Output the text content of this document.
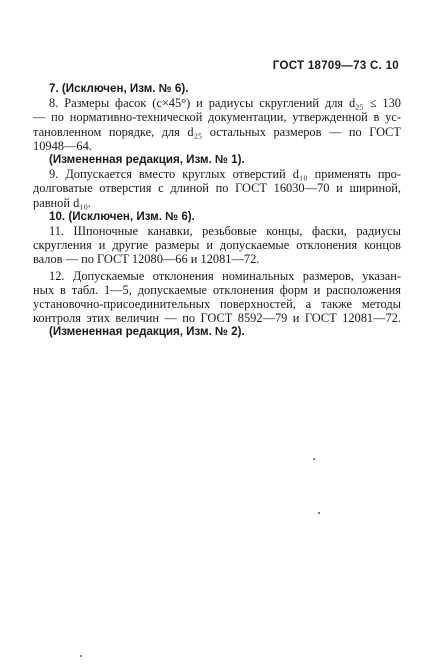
ГОСТ 18709—73 С. 10
7. (Исключен, Изм. № 6).
8. Размеры фасок (c×45°) и радиусы скруглений для d₂₅ ≤ 130
— по нормативно-технической документации, утвержденной в ус-
тановленном порядке, для d₂₅ остальных размеров — по ГОСТ
10948—64.
(Измененная редакция, Изм. № 1).
9. Допускается вместо круглых отверстий d₁₀ применять про-
долговатые отверстия с длиной по ГОСТ 16030—70 и шириной,
равной d₁₀.
10. (Исключен, Изм. № 6).
11. Шпоночные канавки, резьбовые концы, фаски, радиусы
скругления и другие размеры и допускаемые отклонения концов
валов — по ГОСТ 12080—66 и 12081—72.
12. Допускаемые отклонения номинальных размеров, указан-
ных в табл. 1—5, допускаемые отклонения форм и расположения
установочно-присоединительных поверхностей, а также методы
контроля этих величин — по ГОСТ 8592—79 и ГОСТ 12081—72.
(Измененная редакция, Изм. № 2).
